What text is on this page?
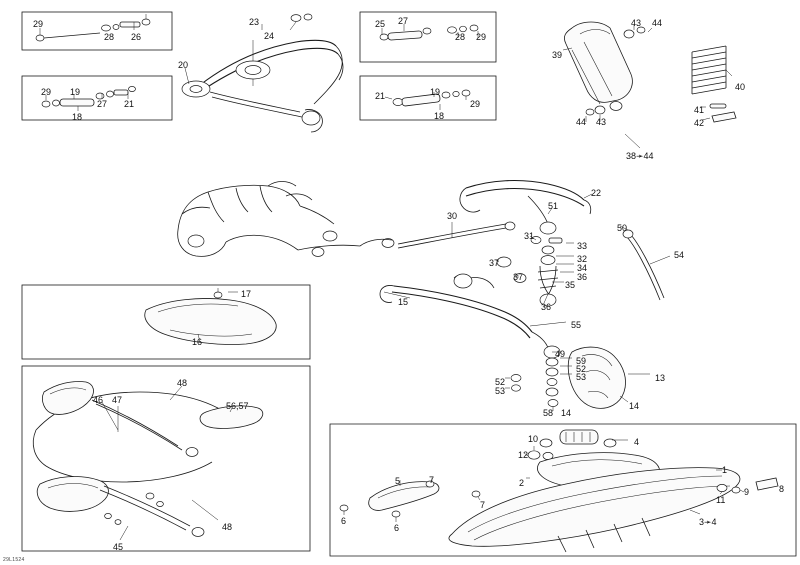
29
28 26
23
24
25 27
28 29
20
29 19
27 21
18
21	19
29
18
43 44
39
40
41
44 43	42
38➛44
22
51
30
50
31
33
54
32
34
37
36
37
35
15	36
17
16
55
49
59
52
53	13
48
46 47
56,57
52
53
58 14
14
10	4
12
1
5	7	2
11
9	8
7
6
6
3➛4
48
45
29L1524
